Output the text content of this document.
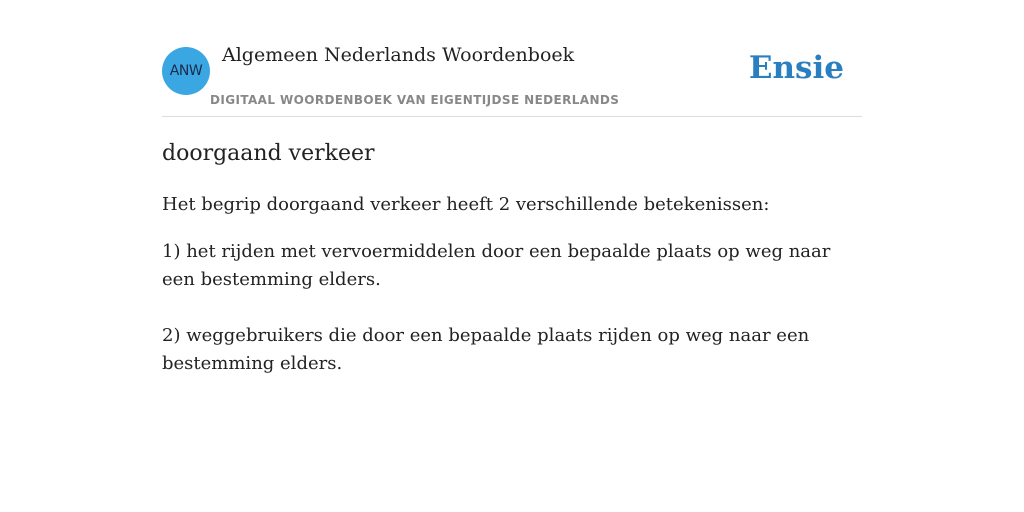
ANW
Algemeen Nederlands Woordenboek
DIGITAAL WOORDENBOEK VAN EIGENTIJDSE NEDERLANDS
Ensie
doorgaand verkeer

Het begrip doorgaand verkeer heeft 2 verschillende betekenissen:

1) het rijden met vervoermiddelen door een bepaalde plaats op weg naar een bestemming elders.
2) weggebruikers die door een bepaalde plaats rijden op weg naar een bestemming elders.
